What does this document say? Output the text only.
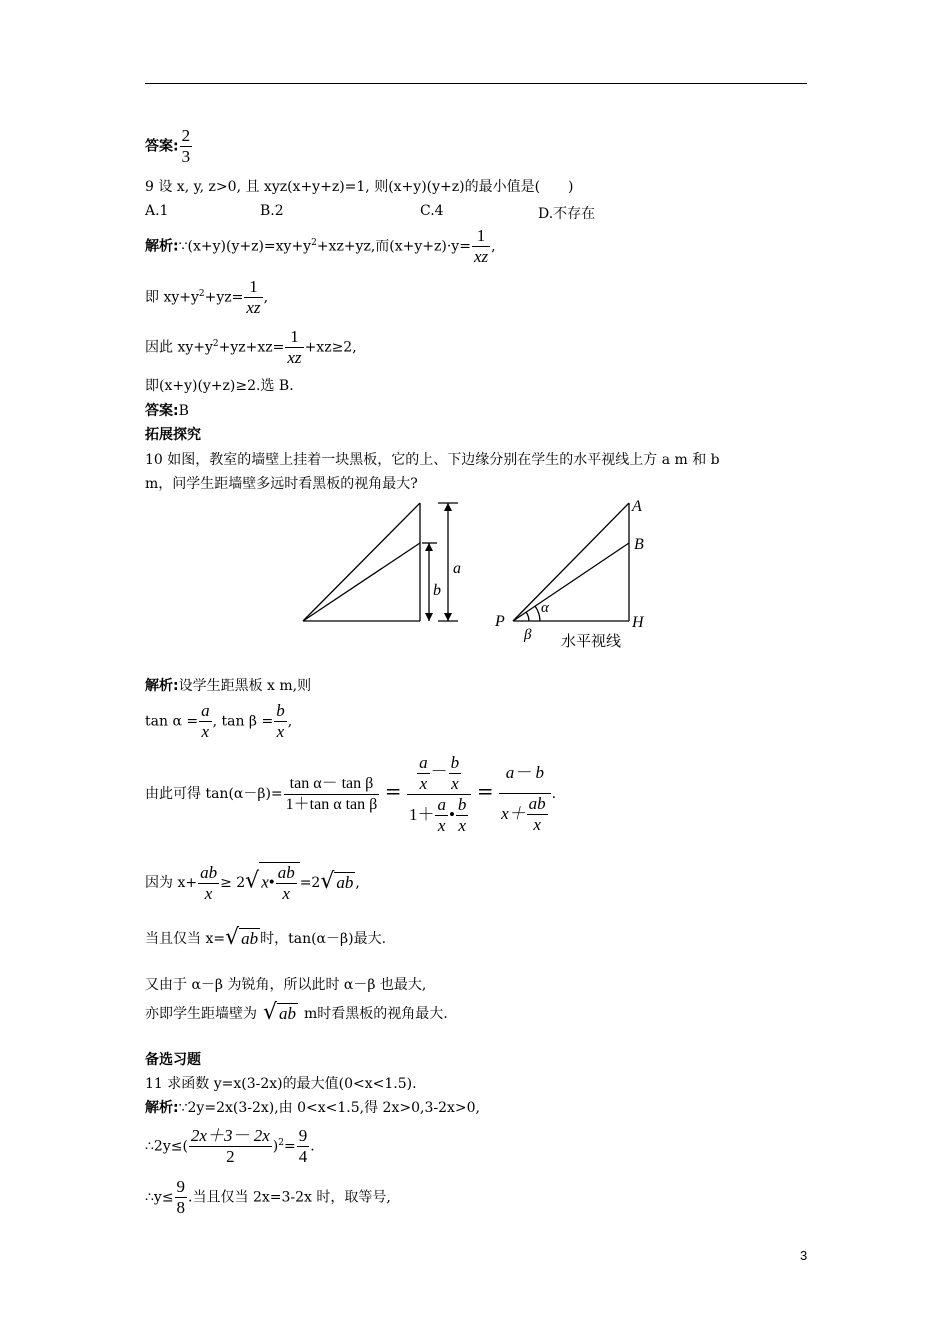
答案: $\frac{2}{3}$
9 设 x, y, z>0, 且 xyz(x+y+z)=1, 则(x+y)(y+z)的最小值是(　　)
A.1	B.2	C.4	D.不存在
解析$:\because(x+y)(y+z)=xy+y^2+xz+yz$,而$(x+y+z)\cdot y= \frac{1}{xz}$ ,
即 $xy+y^2+yz= \frac{1}{xz}$ ,
因此 $xy+y^2+yz+xz= \frac{1}{xz} +xz\ge 2$,
即(x+y)(y+z)≥2.选 B.
答案:B
拓展探究
10 如图，教室的墙壁上挂着一块黑板，它的上、下边缘分别在学生的水平视线上方 a m 和 b
m，问学生距墙壁多远时看黑板的视角最大?
a
b
A
B
P	H
α
β 水平视线
解析:设学生距黑板 x m,则
$\tan \alpha = \frac{a}{x}$ , $\tan \beta = \frac{b}{x}$ ,
由此可得 $\tan(\alpha-\beta)= \frac{\text{tan α－ tan β}}{\text{1＋tan α tan β}} = \frac{\frac{a}{x} - \frac{b}{x}}{1+ \frac{a}{x} • \frac{b}{x}} = \frac{a- b}{x+ \frac{ab}{x}}$ .
因为 $x+ \frac{ab}{x} \ge 2√$ x• $\frac{ab}{x} =2√$ ab ,
当且仅当 x=√ ab 时，tan(α－β)最大.
又由于 α－β 为锐角，所以此时 α－β 也最大,
亦即学生距墙壁为 √ ab m时看黑板的视角最大.
备选习题
11 求函数 y=x(3-2x)的最大值(0<x<1.5).
解析:∵2y=2x(3-2x),由 0<x<1.5,得 2x>0,3-2x>0,
∴2y≤( $\frac{2x+3- 2x}{2} )^2= \frac{9}{4}$ .
∴y≤ $\frac{9}{8}$ .当且仅当 2x=3-2x 时，取等号,
3
